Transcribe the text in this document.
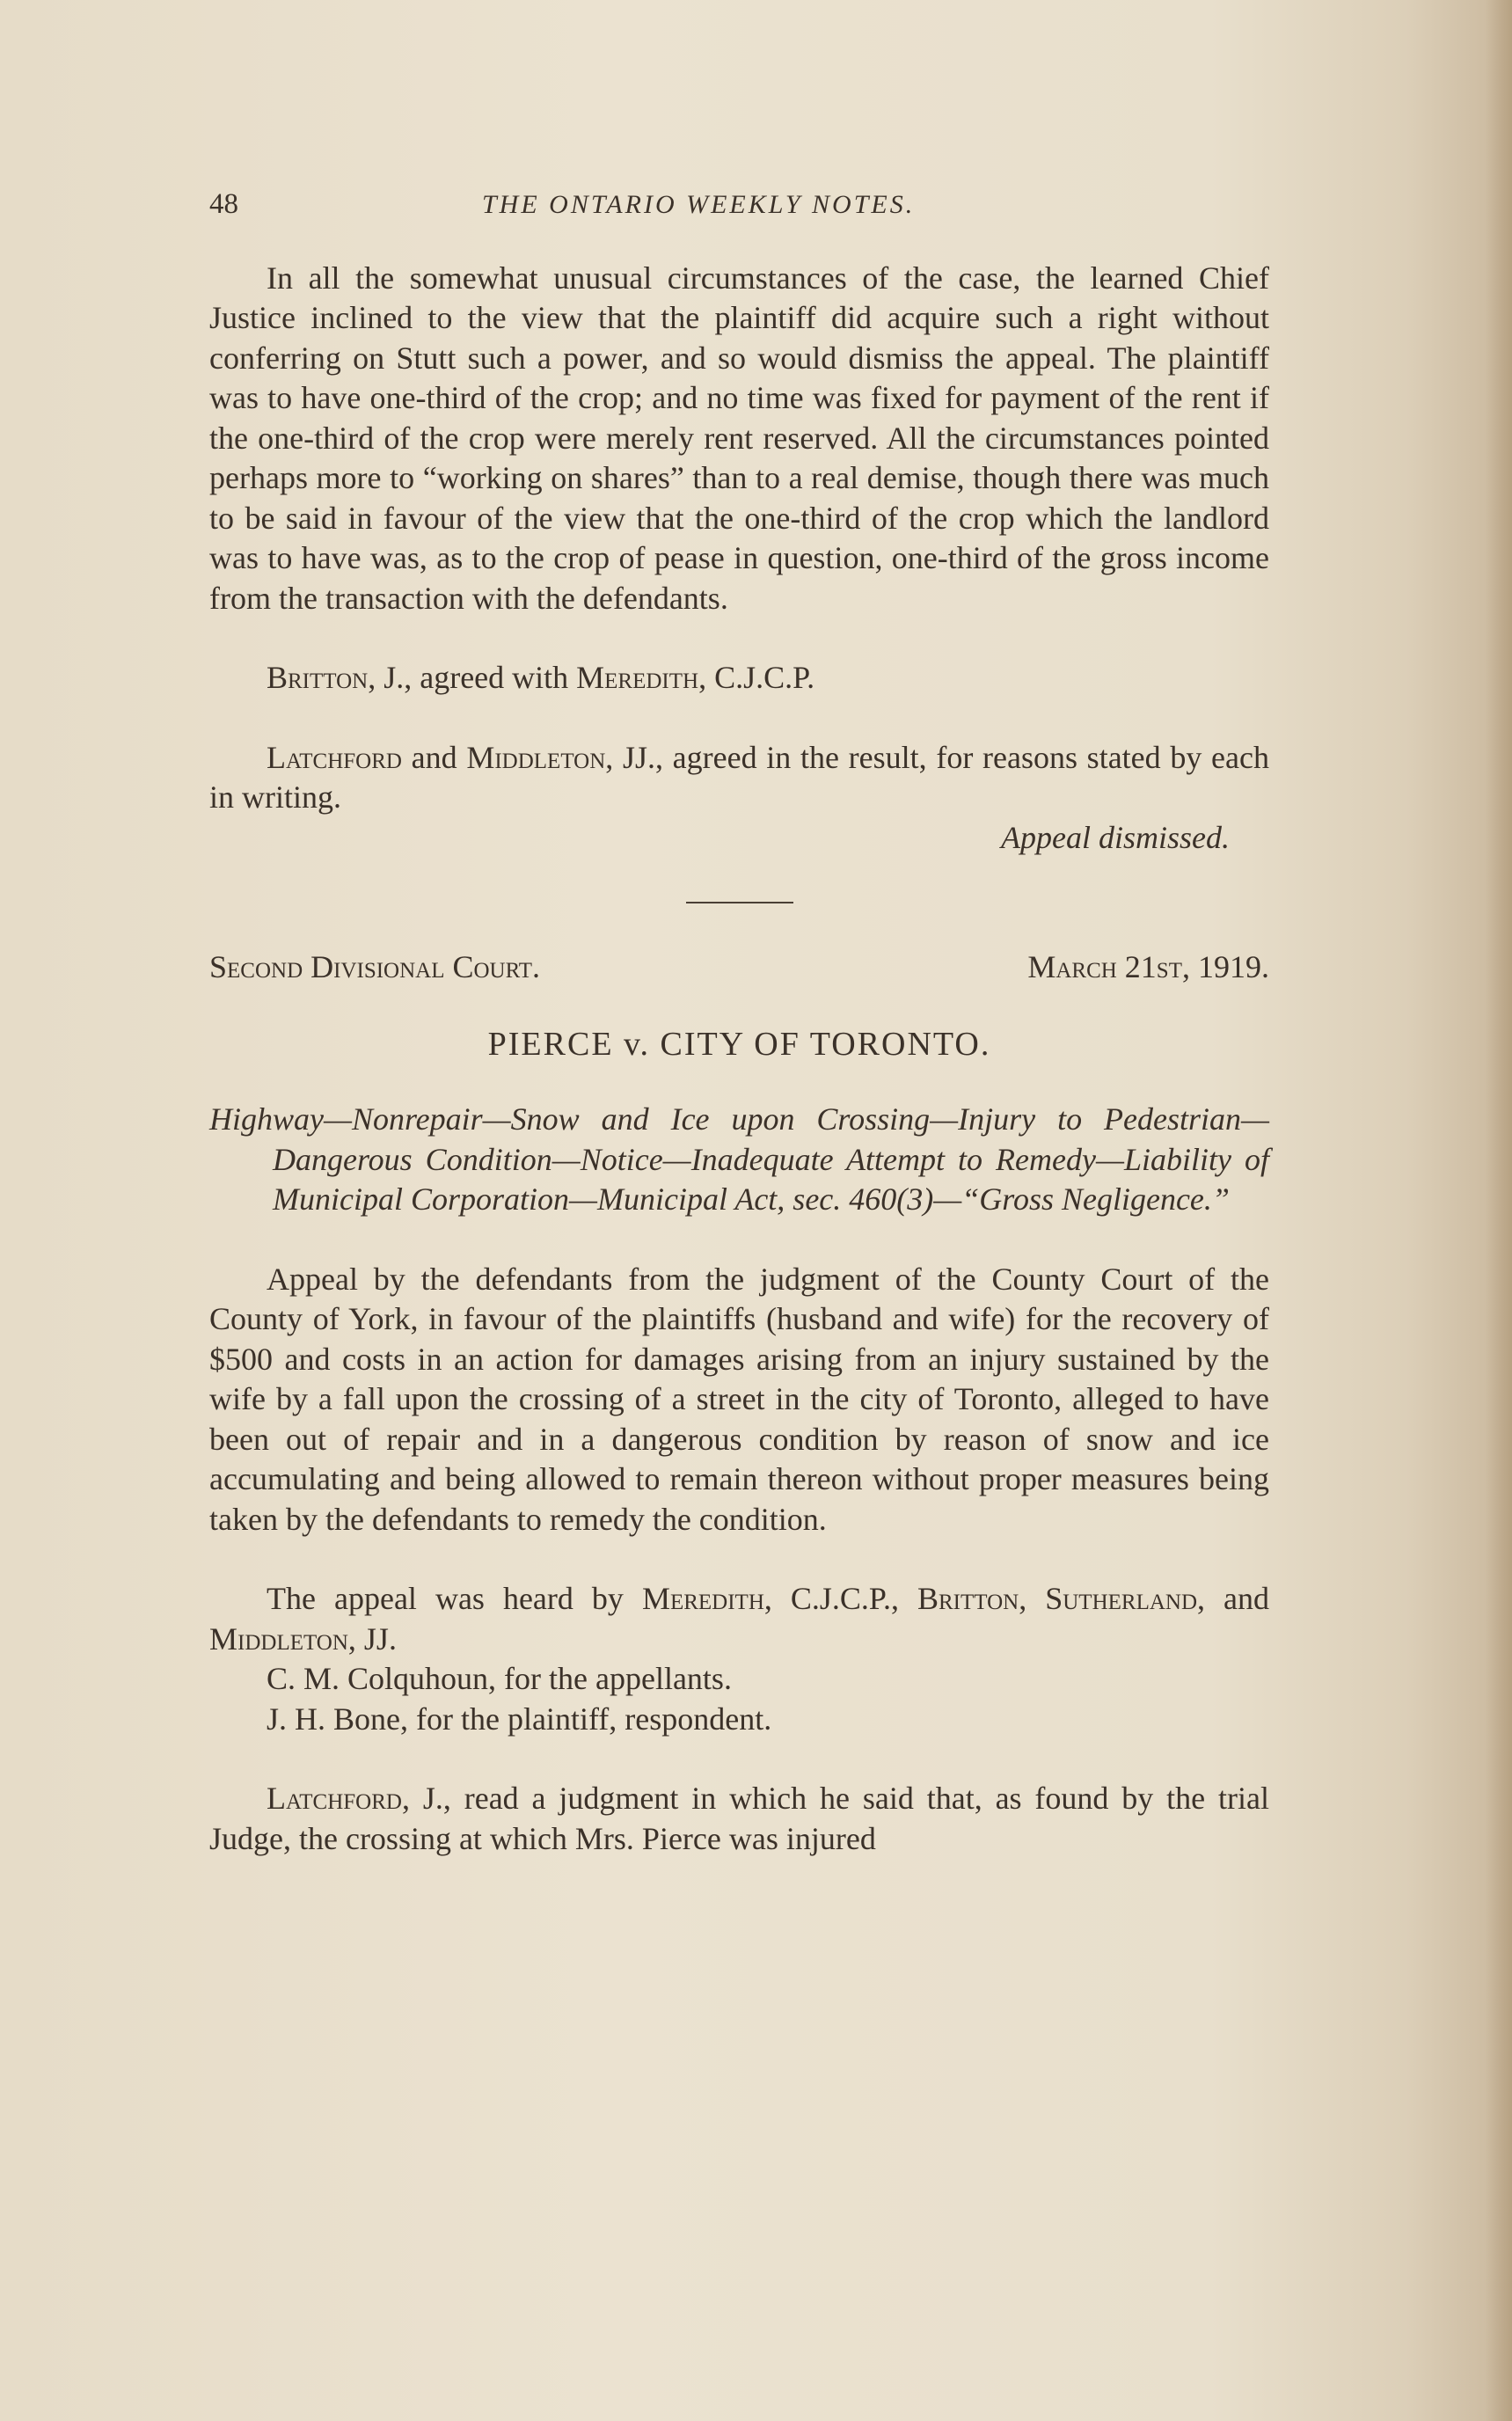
48	THE ONTARIO WEEKLY NOTES.

In all the somewhat unusual circumstances of the case, the learned Chief Justice inclined to the view that the plaintiff did acquire such a right without conferring on Stutt such a power, and so would dismiss the appeal. The plaintiff was to have one-third of the crop; and no time was fixed for payment of the rent if the one-third of the crop were merely rent reserved. All the circumstances pointed perhaps more to “working on shares” than to a real demise, though there was much to be said in favour of the view that the one-third of the crop which the landlord was to have was, as to the crop of pease in question, one-third of the gross income from the transaction with the defendants.

Britton, J., agreed with Meredith, C.J.C.P.

Latchford and Middleton, JJ., agreed in the result, for reasons stated by each in writing.

Appeal dismissed.

Second Divisional Court.	March 21st, 1919.
PIERCE v. CITY OF TORONTO.

Highway—Nonrepair—Snow and Ice upon Crossing—Injury to Pedestrian—Dangerous Condition—Notice—Inadequate Attempt to Remedy—Liability of Municipal Corporation—Municipal Act, sec. 460(3)—“Gross Negligence.”

Appeal by the defendants from the judgment of the County Court of the County of York, in favour of the plaintiffs (husband and wife) for the recovery of $500 and costs in an action for damages arising from an injury sustained by the wife by a fall upon the crossing of a street in the city of Toronto, alleged to have been out of repair and in a dangerous condition by reason of snow and ice accumulating and being allowed to remain thereon without proper measures being taken by the defendants to remedy the condition.

The appeal was heard by Meredith, C.J.C.P., Britton, Sutherland, and Middleton, JJ.

C. M. Colquhoun, for the appellants.

J. H. Bone, for the plaintiff, respondent.

Latchford, J., read a judgment in which he said that, as found by the trial Judge, the crossing at which Mrs. Pierce was injured
